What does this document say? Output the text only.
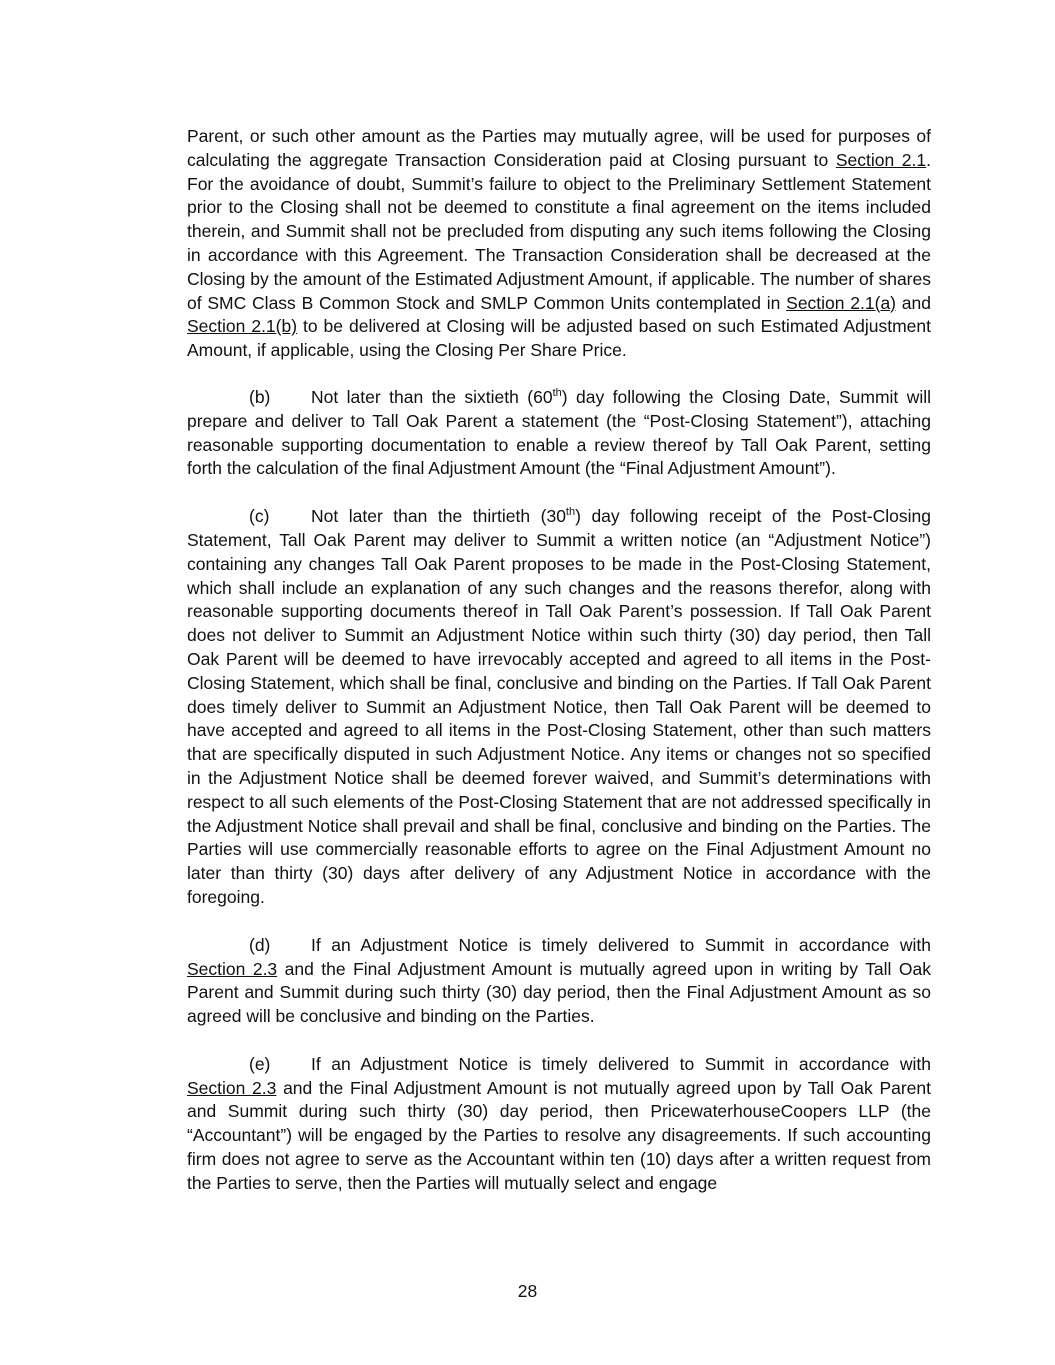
Parent, or such other amount as the Parties may mutually agree, will be used for purposes of calculating the aggregate Transaction Consideration paid at Closing pursuant to Section 2.1. For the avoidance of doubt, Summit’s failure to object to the Preliminary Settlement Statement prior to the Closing shall not be deemed to constitute a final agreement on the items included therein, and Summit shall not be precluded from disputing any such items following the Closing in accordance with this Agreement. The Transaction Consideration shall be decreased at the Closing by the amount of the Estimated Adjustment Amount, if applicable. The number of shares of SMC Class B Common Stock and SMLP Common Units contemplated in Section 2.1(a) and Section 2.1(b) to be delivered at Closing will be adjusted based on such Estimated Adjustment Amount, if applicable, using the Closing Per Share Price.

(b) Not later than the sixtieth (60th) day following the Closing Date, Summit will prepare and deliver to Tall Oak Parent a statement (the “Post-Closing Statement”), attaching reasonable supporting documentation to enable a review thereof by Tall Oak Parent, setting forth the calculation of the final Adjustment Amount (the “Final Adjustment Amount”).

(c) Not later than the thirtieth (30th) day following receipt of the Post-Closing Statement, Tall Oak Parent may deliver to Summit a written notice (an “Adjustment Notice”) containing any changes Tall Oak Parent proposes to be made in the Post-Closing Statement, which shall include an explanation of any such changes and the reasons therefor, along with reasonable supporting documents thereof in Tall Oak Parent’s possession. If Tall Oak Parent does not deliver to Summit an Adjustment Notice within such thirty (30) day period, then Tall Oak Parent will be deemed to have irrevocably accepted and agreed to all items in the Post-Closing Statement, which shall be final, conclusive and binding on the Parties. If Tall Oak Parent does timely deliver to Summit an Adjustment Notice, then Tall Oak Parent will be deemed to have accepted and agreed to all items in the Post-Closing Statement, other than such matters that are specifically disputed in such Adjustment Notice. Any items or changes not so specified in the Adjustment Notice shall be deemed forever waived, and Summit’s determinations with respect to all such elements of the Post-Closing Statement that are not addressed specifically in the Adjustment Notice shall prevail and shall be final, conclusive and binding on the Parties. The Parties will use commercially reasonable efforts to agree on the Final Adjustment Amount no later than thirty (30) days after delivery of any Adjustment Notice in accordance with the foregoing.

(d) If an Adjustment Notice is timely delivered to Summit in accordance with Section 2.3 and the Final Adjustment Amount is mutually agreed upon in writing by Tall Oak Parent and Summit during such thirty (30) day period, then the Final Adjustment Amount as so agreed will be conclusive and binding on the Parties.

(e) If an Adjustment Notice is timely delivered to Summit in accordance with Section 2.3 and the Final Adjustment Amount is not mutually agreed upon by Tall Oak Parent and Summit during such thirty (30) day period, then PricewaterhouseCoopers LLP (the “Accountant”) will be engaged by the Parties to resolve any disagreements. If such accounting firm does not agree to serve as the Accountant within ten (10) days after a written request from the Parties to serve, then the Parties will mutually select and engage

28
